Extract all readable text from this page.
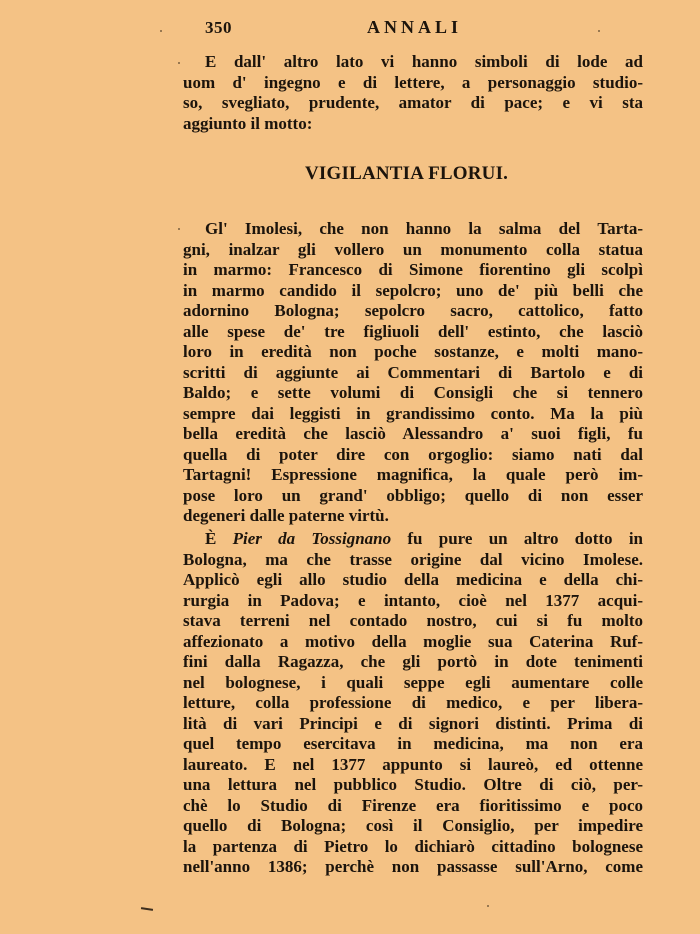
350	ANNALI
E dall' altro lato vi hanno simboli di lode ad
uom d' ingegno e di lettere, a personaggio studio-
so, svegliato, prudente, amator di pace; e vi sta
aggiunto il motto:
VIGILANTIA FLORUI.
Gl' Imolesi, che non hanno la salma del Tarta-
gni, inalzar gli vollero un monumento colla statua
in marmo: Francesco di Simone fiorentino gli scolpì
in marmo candido il sepolcro; uno de' più belli che
adornino Bologna; sepolcro sacro, cattolico, fatto
alle spese de' tre figliuoli dell' estinto, che lasciò
loro in eredità non poche sostanze, e molti mano-
scritti di aggiunte ai Commentari di Bartolo e di
Baldo; e sette volumi di Consigli che si tennero
sempre dai leggisti in grandissimo conto. Ma la più
bella eredità che lasciò Alessandro a' suoi figli, fu
quella di poter dire con orgoglio: siamo nati dal
Tartagni! Espressione magnifica, la quale però im-
pose loro un grand' obbligo; quello di non esser
degeneri dalle paterne virtù.
È Pier da Tossignano fu pure un altro dotto in
Bologna, ma che trasse origine dal vicino Imolese.
Applicò egli allo studio della medicina e della chi-
rurgia in Padova; e intanto, cioè nel 1377 acqui-
stava terreni nel contado nostro, cui si fu molto
affezionato a motivo della moglie sua Caterina Ruf-
fini dalla Ragazza, che gli portò in dote tenimenti
nel bolognese, i quali seppe egli aumentare colle
letture, colla professione di medico, e per libera-
lità di vari Principi e di signori distinti. Prima di
quel tempo esercitava in medicina, ma non era
laureato. E nel 1377 appunto si laureò, ed ottenne
una lettura nel pubblico Studio. Oltre di ciò, per-
chè lo Studio di Firenze era fioritissimo e poco
quello di Bologna; così il Consiglio, per impedire
la partenza di Pietro lo dichiarò cittadino bolognese
nell'anno 1386; perchè non passasse sull'Arno, come
